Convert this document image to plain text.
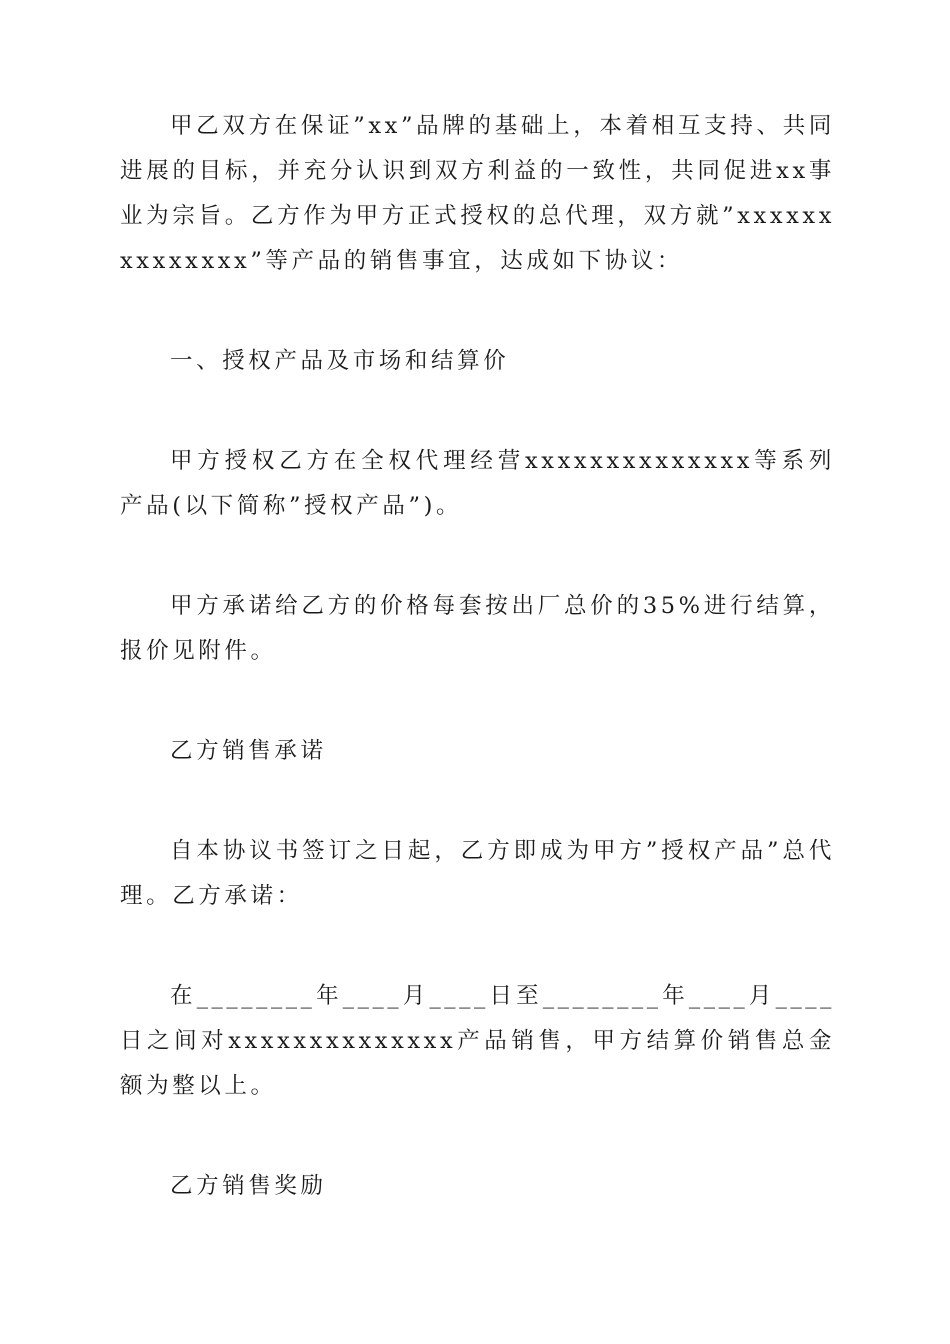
甲乙双方在保证”xx”品牌的基础上，本着相互支持、共同进展的目标，并充分认识到双方利益的一致性，共同促进xx事业为宗旨。乙方作为甲方正式授权的总代理，双方就”xxxxxxxxxxxxxx”等产品的销售事宜，达成如下协议：

一、授权产品及市场和结算价

甲方授权乙方在全权代理经营xxxxxxxxxxxxxx等系列产品(以下简称”授权产品”)。

甲方承诺给乙方的价格每套按出厂总价的35%进行结算，报价见附件。

乙方销售承诺

自本协议书签订之日起，乙方即成为甲方”授权产品”总代理。乙方承诺：

在________年____月____日至________年____月____日之间对xxxxxxxxxxxxxx产品销售，甲方结算价销售总金额为整以上。

乙方销售奖励
